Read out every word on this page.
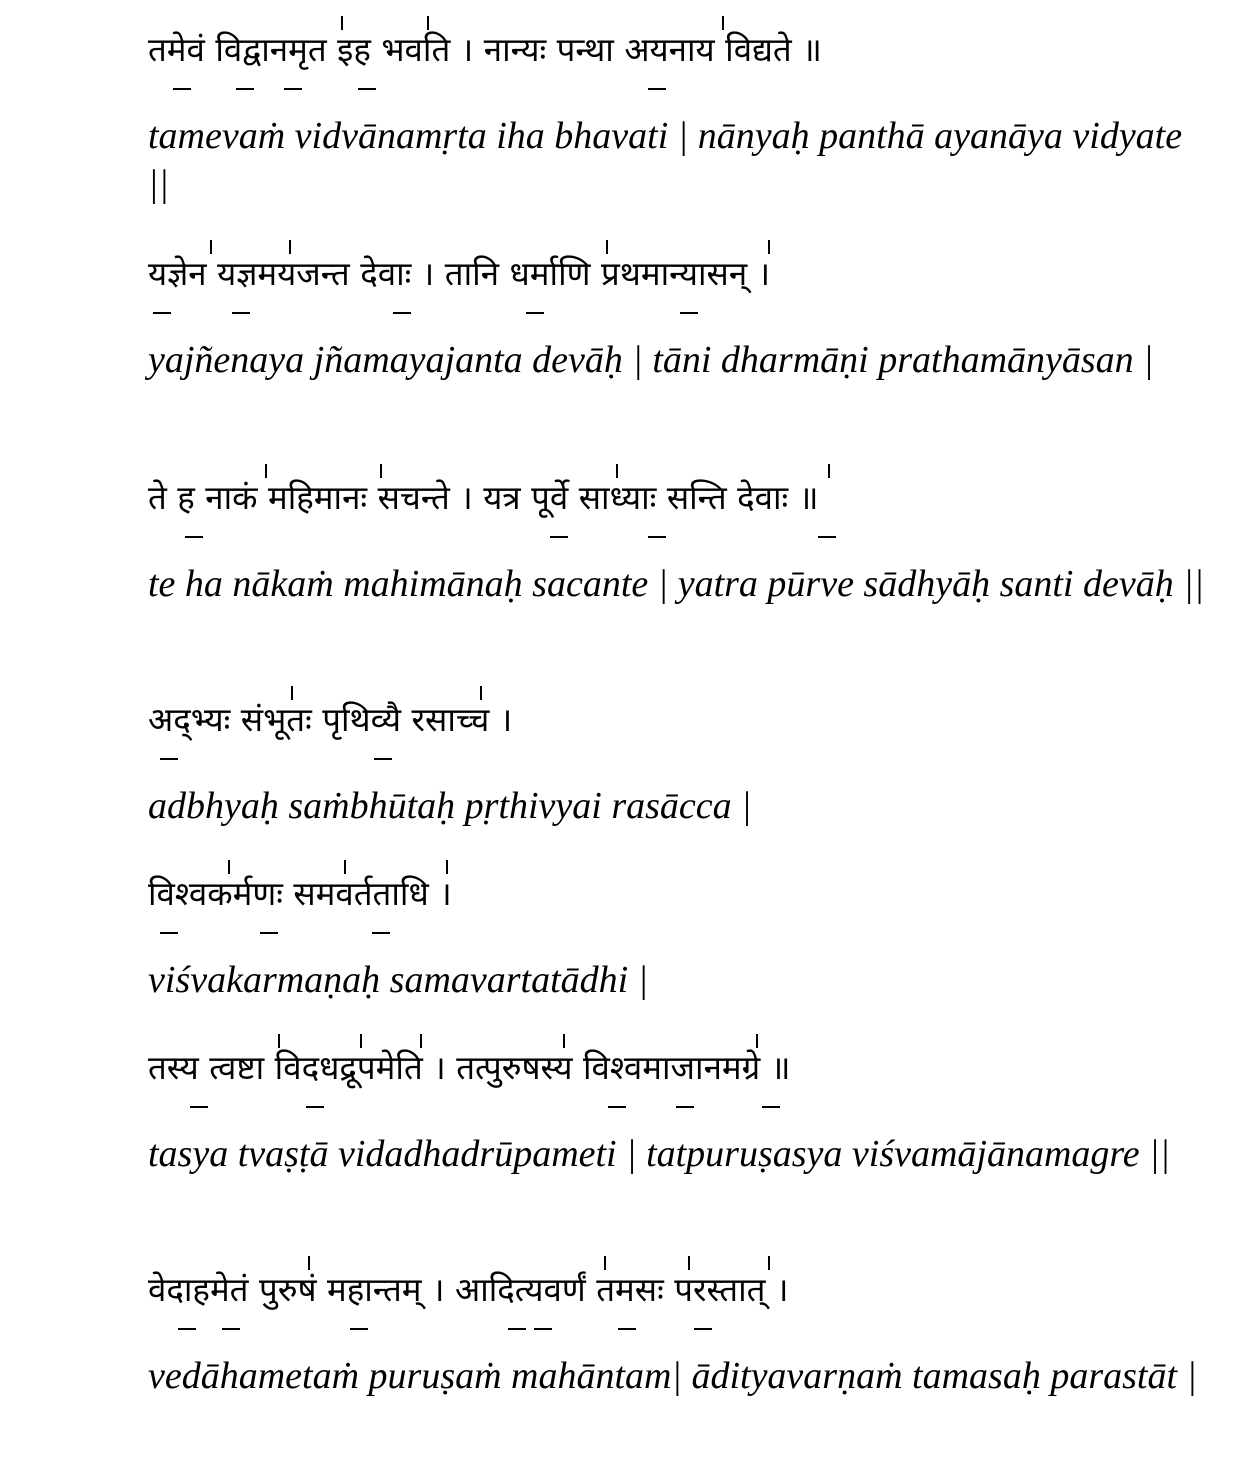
तमेवं विद्वानमृत इह भवति । नान्यः पन्था अयनाय विद्यते ॥
tamevaṁ vidvānamṛta iha bhavati | nānyaḥ panthā ayanāya vidyate ||
यज्ञेन यज्ञमयजन्त देवाः । तानि धर्माणि प्रथमान्यासन् ।
yajñenaya jñamayajanta devāḥ | tāni dharmāṇi prathamānyāsan |
ते ह नाकं महिमानः सचन्ते । यत्र पूर्वे साध्याः सन्ति देवाः ॥
te ha nākaṁ mahimānaḥ sacante | yatra pūrve sādhyāḥ santi devāḥ ||
अद्भ्यः संभूतः पृथिव्यै रसाच्च ।
adbhyaḥ saṁbhūtaḥ pṛthivyai rasācca |
विश्वकर्मणः समवर्तताधि ।
viśvakarmaṇaḥ samavartatādhi |
तस्य त्वष्टा विदधद्रूपमेति । तत्पुरुषस्य विश्वमाजानमग्रे ॥
tasya tvaṣṭā vidadhadrūpameti | tatpuruṣasya viśvamājānamagre ||
वेदाहमेतं पुरुषं महान्तम् । आदित्यवर्णं तमसः परस्तात् ।
vedāhametaṁ puruṣaṁ mahāntam| ādityavarṇaṁ tamasaḥ parastāt |
